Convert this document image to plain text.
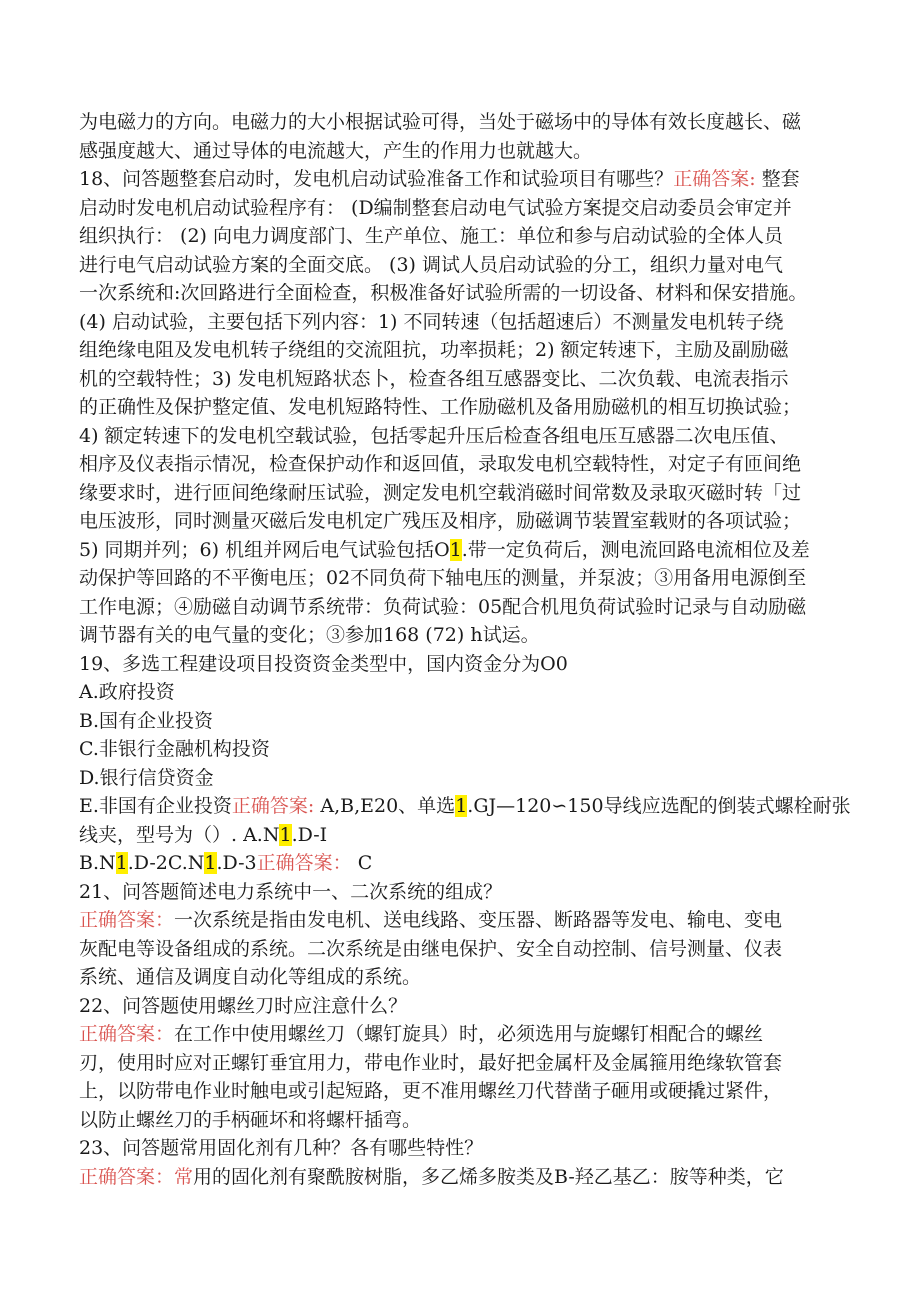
为电磁力的方向。电磁力的大小根据试验可得，当处于磁场中的导体有效长度越长、磁
感强度越大、通过导体的电流越大，产生的作用力也就越大。
18、问答题整套启动时，发电机启动试验准备工作和试验项目有哪些？正确答案: 整套
启动时发电机启动试验程序有： (D编制整套启动电气试验方案提交启动委员会审定并
组织执行： (2) 向电力调度部门、生产单位、施工：单位和参与启动试验的全体人员
进行电气启动试验方案的全面交底。 (3) 调试人员启动试验的分工，组织力量对电气
一次系统和:次回路进行全面检查，积极准备好试验所需的一切设备、材料和保安措施。
(4) 启动试验，主要包括下列内容：1) 不同转速（包括超速后）不测量发电机转子绕
组绝缘电阻及发电机转子绕组的交流阻抗，功率损耗；2) 额定转速下，主励及副励磁
机的空载特性；3) 发电机短路状态卜，检查各组互感器变比、二次负载、电流表指示
的正确性及保护整定值、发电机短路特性、工作励磁机及备用励磁机的相互切换试验；
4) 额定转速下的发电机空载试验，包括零起升压后检查各组电压互感器二次电压值、
相序及仪表指示情况，检查保护动作和返回值，录取发电机空载特性，对定子有匝间绝
缘要求时，进行匝间绝缘耐压试验，测定发电机空载消磁时间常数及录取灭磁时转「过
电压波形，同时测量灭磁后发电机定广残压及相序，励磁调节装置室载财的各项试验；
5) 同期并列；6) 机组并网后电气试验包括O1.带一定负荷后，测电流回路电流相位及差
动保护等回路的不平衡电压；02不同负荷下轴电压的测量，并泵波；③用备用电源倒至
工作电源；④励磁自动调节系统带：负荷试验：05配合机甩负荷试验时记录与自动励磁
调节器有关的电气量的变化；③参加168 (72) h试运。
19、多选工程建设项目投资资金类型中，国内资金分为O0
A.政府投资
B.国有企业投资
C.非银行金融机构投资
D.银行信贷资金
E.非国有企业投资正确答案: A,B,E20、单选1.GJ—120∽150导线应选配的倒装式螺栓耐张
线夹，型号为（）. A.N1.D-I
B.N1.D-2C.N1.D-3正确答案： C
21、问答题简述电力系统中一、二次系统的组成？
正确答案：一次系统是指由发电机、送电线路、变压器、断路器等发电、输电、变电
灰配电等设备组成的系统。二次系统是由继电保护、安全自动控制、信号测量、仪表
系统、通信及调度自动化等组成的系统。
22、问答题使用螺丝刀时应注意什么？
正确答案：在工作中使用螺丝刀（螺钉旋具）时，必须选用与旋螺钉相配合的螺丝
刃，使用时应对正螺钉垂宜用力，带电作业时，最好把金属杆及金属箍用绝缘软管套
上，以防带电作业时触电或引起短路，更不准用螺丝刀代替凿子砸用或硬撬过紧件，
以防止螺丝刀的手柄砸坏和将螺杆插弯。
23、问答题常用固化剂有几种？各有哪些特性？
正确答案：常用的固化剂有聚酰胺树脂，多乙烯多胺类及B-羟乙基乙：胺等种类，它
